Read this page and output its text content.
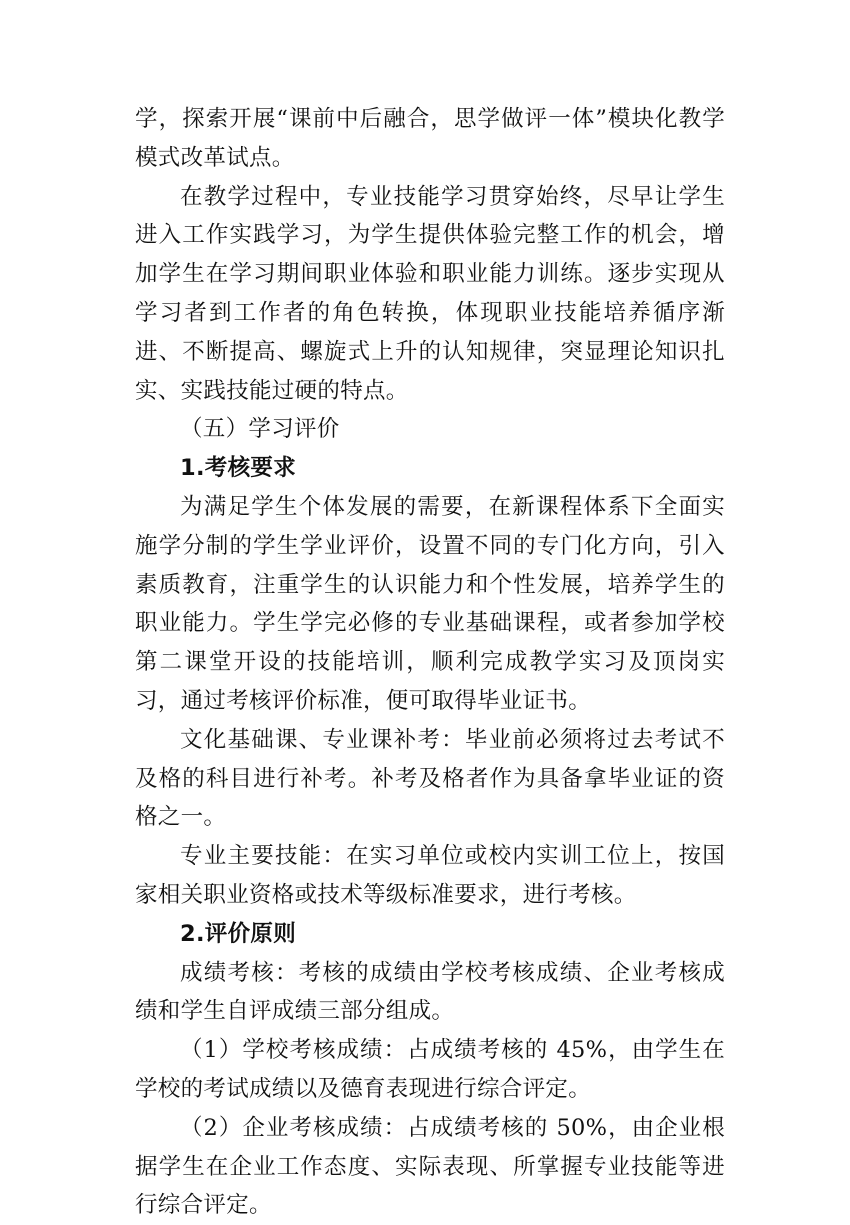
学，探索开展“课前中后融合，思学做评一体”模块化教学模式改革试点。

在教学过程中，专业技能学习贯穿始终，尽早让学生进入工作实践学习，为学生提供体验完整工作的机会，增加学生在学习期间职业体验和职业能力训练。逐步实现从学习者到工作者的角色转换，体现职业技能培养循序渐进、不断提高、螺旋式上升的认知规律，突显理论知识扎实、实践技能过硬的特点。

（五）学习评价

1.考核要求

为满足学生个体发展的需要，在新课程体系下全面实施学分制的学生学业评价，设置不同的专门化方向，引入素质教育，注重学生的认识能力和个性发展，培养学生的职业能力。学生学完必修的专业基础课程，或者参加学校第二课堂开设的技能培训，顺利完成教学实习及顶岗实习，通过考核评价标准，便可取得毕业证书。

文化基础课、专业课补考：毕业前必须将过去考试不及格的科目进行补考。补考及格者作为具备拿毕业证的资格之一。

专业主要技能：在实习单位或校内实训工位上，按国家相关职业资格或技术等级标准要求，进行考核。

2.评价原则

成绩考核：考核的成绩由学校考核成绩、企业考核成绩和学生自评成绩三部分组成。

（1）学校考核成绩：占成绩考核的 45%，由学生在学校的考试成绩以及德育表现进行综合评定。

（2）企业考核成绩：占成绩考核的 50%，由企业根据学生在企业工作态度、实际表现、所掌握专业技能等进行综合评定。
